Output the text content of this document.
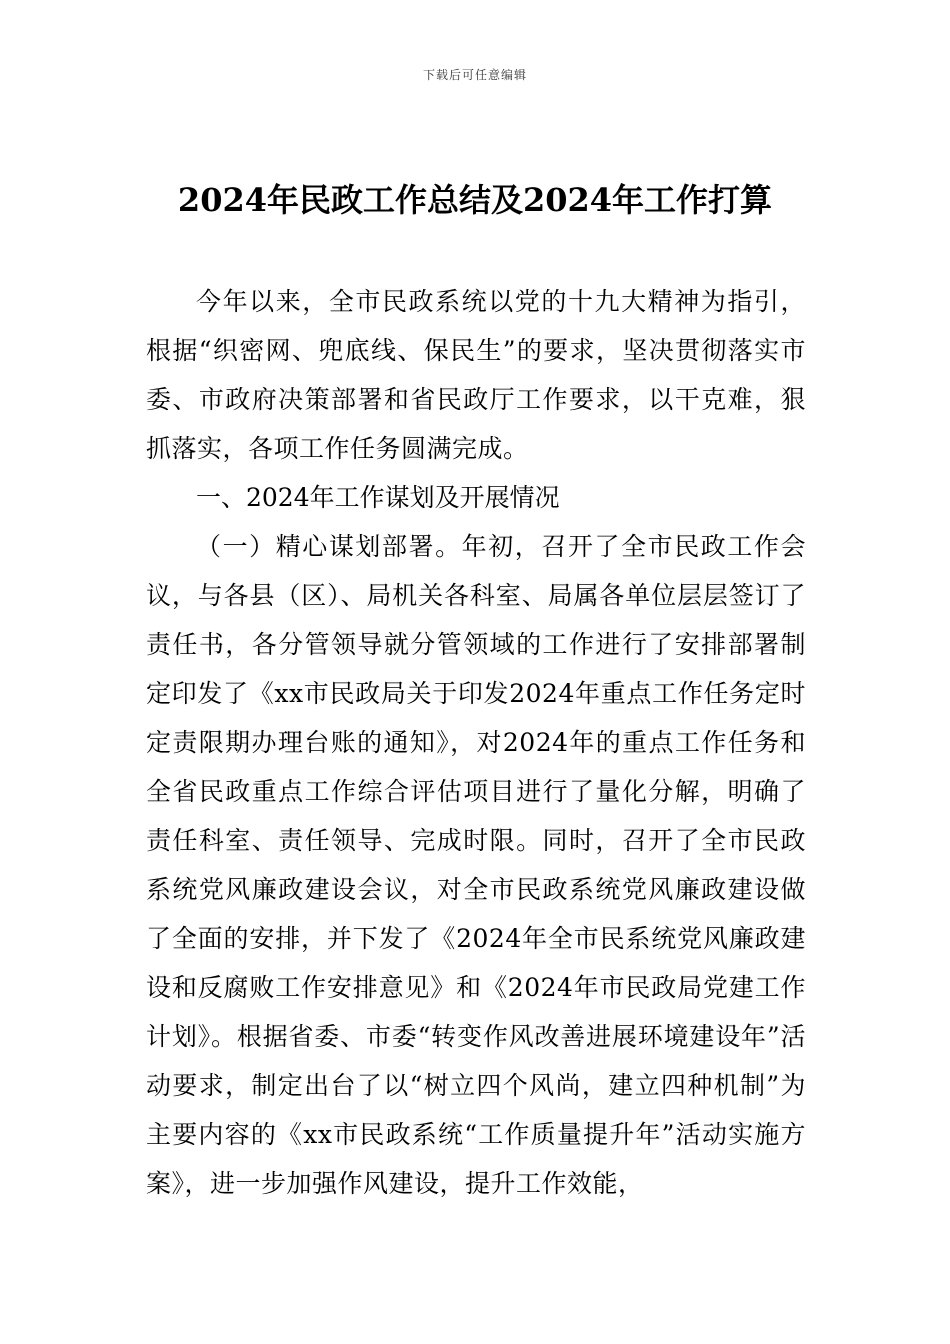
下载后可任意编辑
2024年民政工作总结及2024年工作打算

今年以来，全市民政系统以党的十九大精神为指引，根据“织密网、兜底线、保民生”的要求，坚决贯彻落实市委、市政府决策部署和省民政厅工作要求，以干克难，狠抓落实，各项工作任务圆满完成。

一、2024年工作谋划及开展情况

（一）精心谋划部署。年初，召开了全市民政工作会议，与各县（区）、局机关各科室、局属各单位层层签订了责任书，各分管领导就分管领域的工作进行了安排部署制定印发了《xx市民政局关于印发2024年重点工作任务定时定责限期办理台账的通知》，对2024年的重点工作任务和全省民政重点工作综合评估项目进行了量化分解，明确了责任科室、责任领导、完成时限。同时，召开了全市民政系统党风廉政建设会议，对全市民政系统党风廉政建设做了全面的安排，并下发了《2024年全市民系统党风廉政建设和反腐败工作安排意见》和《2024年市民政局党建工作计划》。根据省委、市委“转变作风改善进展环境建设年”活动要求，制定出台了以“树立四个风尚，建立四种机制”为主要内容的《xx市民政系统“工作质量提升年”活动实施方案》，进一步加强作风建设，提升工作效能，
